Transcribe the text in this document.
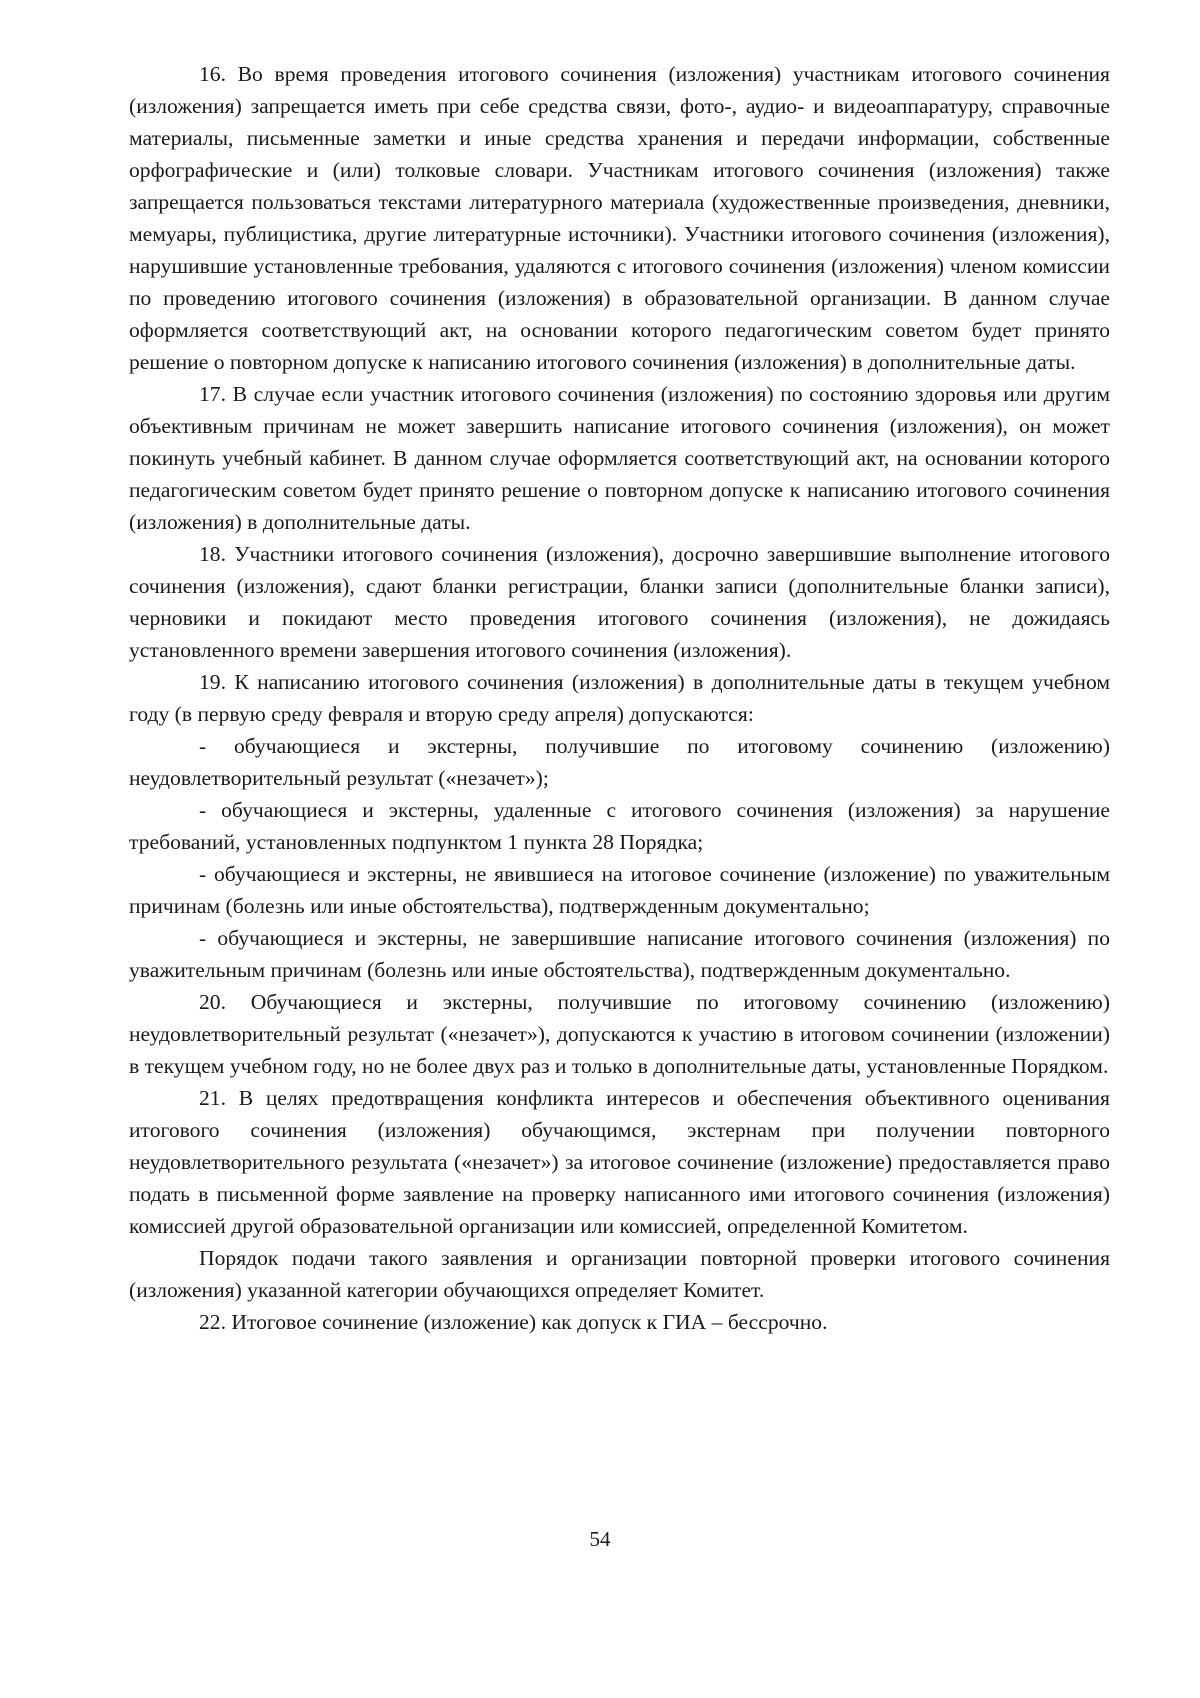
16. Во время проведения итогового сочинения (изложения) участникам итогового сочинения (изложения) запрещается иметь при себе средства связи, фото-, аудио- и видеоаппаратуру, справочные материалы, письменные заметки и иные средства хранения и передачи информации, собственные орфографические и (или) толковые словари. Участникам итогового сочинения (изложения) также запрещается пользоваться текстами литературного материала (художественные произведения, дневники, мемуары, публицистика, другие литературные источники). Участники итогового сочинения (изложения), нарушившие установленные требования, удаляются с итогового сочинения (изложения) членом комиссии по проведению итогового сочинения (изложения) в образовательной организации. В данном случае оформляется соответствующий акт, на основании которого педагогическим советом будет принято решение о повторном допуске к написанию итогового сочинения (изложения) в дополнительные даты.

17. В случае если участник итогового сочинения (изложения) по состоянию здоровья или другим объективным причинам не может завершить написание итогового сочинения (изложения), он может покинуть учебный кабинет. В данном случае оформляется соответствующий акт, на основании которого педагогическим советом будет принято решение о повторном допуске к написанию итогового сочинения (изложения) в дополнительные даты.

18. Участники итогового сочинения (изложения), досрочно завершившие выполнение итогового сочинения (изложения), сдают бланки регистрации, бланки записи (дополнительные бланки записи), черновики и покидают место проведения итогового сочинения (изложения), не дожидаясь установленного времени завершения итогового сочинения (изложения).

19. К написанию итогового сочинения (изложения) в дополнительные даты в текущем учебном году (в первую среду февраля и вторую среду апреля) допускаются:

- обучающиеся и экстерны, получившие по итоговому сочинению (изложению) неудовлетворительный результат («незачет»);

- обучающиеся и экстерны, удаленные с итогового сочинения (изложения) за нарушение требований, установленных подпунктом 1 пункта 28 Порядка;

- обучающиеся и экстерны, не явившиеся на итоговое сочинение (изложение) по уважительным причинам (болезнь или иные обстоятельства), подтвержденным документально;

- обучающиеся и экстерны, не завершившие написание итогового сочинения (изложения) по уважительным причинам (болезнь или иные обстоятельства), подтвержденным документально.

20. Обучающиеся и экстерны, получившие по итоговому сочинению (изложению) неудовлетворительный результат («незачет»), допускаются к участию в итоговом сочинении (изложении) в текущем учебном году, но не более двух раз и только в дополнительные даты, установленные Порядком.

21. В целях предотвращения конфликта интересов и обеспечения объективного оценивания итогового сочинения (изложения) обучающимся, экстернам при получении повторного неудовлетворительного результата («незачет») за итоговое сочинение (изложение) предоставляется право подать в письменной форме заявление на проверку написанного ими итогового сочинения (изложения) комиссией другой образовательной организации или комиссией, определенной Комитетом.

Порядок подачи такого заявления и организации повторной проверки итогового сочинения (изложения) указанной категории обучающихся определяет Комитет.

22. Итоговое сочинение (изложение) как допуск к ГИА – бессрочно.

54
